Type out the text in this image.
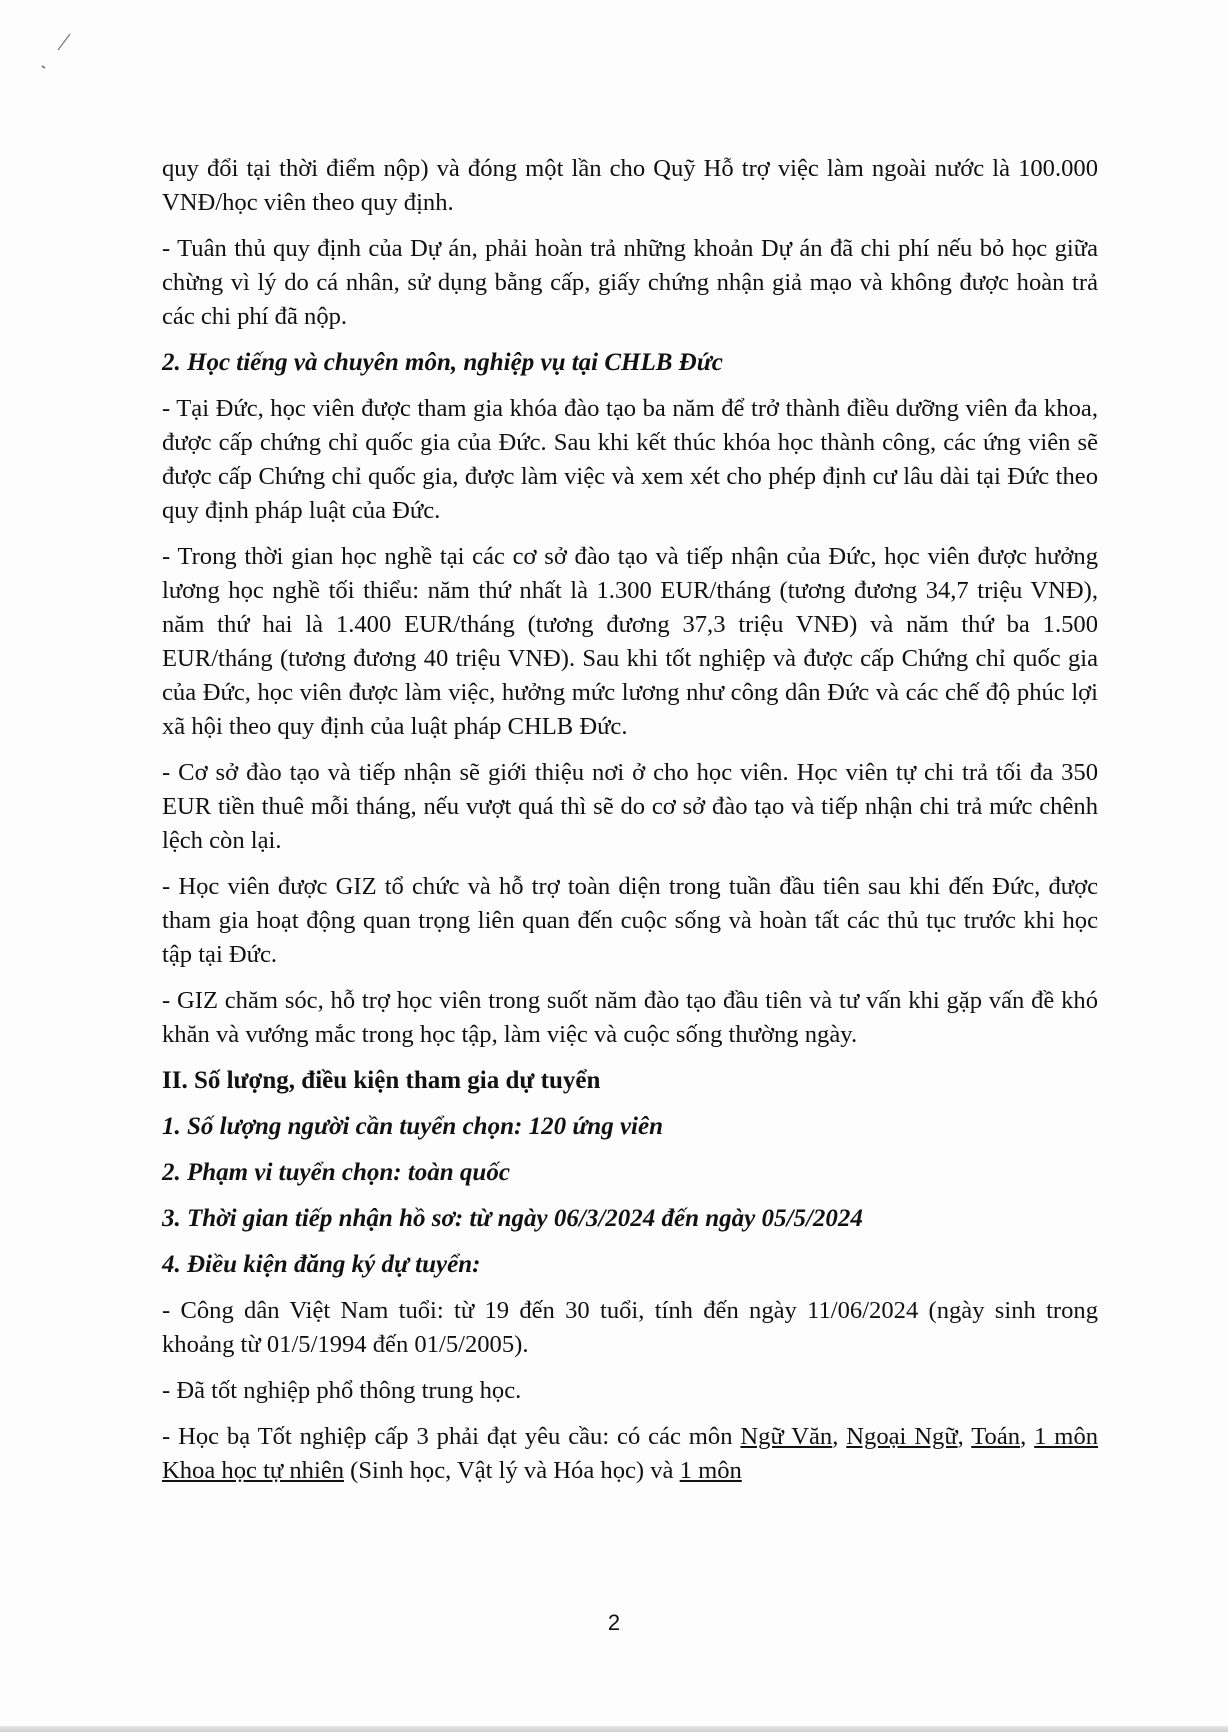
quy đổi tại thời điểm nộp) và đóng một lần cho Quỹ Hỗ trợ việc làm ngoài nước là 100.000 VNĐ/học viên theo quy định.

- Tuân thủ quy định của Dự án, phải hoàn trả những khoản Dự án đã chi phí nếu bỏ học giữa chừng vì lý do cá nhân, sử dụng bằng cấp, giấy chứng nhận giả mạo và không được hoàn trả các chi phí đã nộp.

2. Học tiếng và chuyên môn, nghiệp vụ tại CHLB Đức

- Tại Đức, học viên được tham gia khóa đào tạo ba năm để trở thành điều dưỡng viên đa khoa, được cấp chứng chỉ quốc gia của Đức. Sau khi kết thúc khóa học thành công, các ứng viên sẽ được cấp Chứng chỉ quốc gia, được làm việc và xem xét cho phép định cư lâu dài tại Đức theo quy định pháp luật của Đức.

- Trong thời gian học nghề tại các cơ sở đào tạo và tiếp nhận của Đức, học viên được hưởng lương học nghề tối thiểu: năm thứ nhất là 1.300 EUR/tháng (tương đương 34,7 triệu VNĐ), năm thứ hai là 1.400 EUR/tháng (tương đương 37,3 triệu VNĐ) và năm thứ ba 1.500 EUR/tháng (tương đương 40 triệu VNĐ). Sau khi tốt nghiệp và được cấp Chứng chỉ quốc gia của Đức, học viên được làm việc, hưởng mức lương như công dân Đức và các chế độ phúc lợi xã hội theo quy định của luật pháp CHLB Đức.

- Cơ sở đào tạo và tiếp nhận sẽ giới thiệu nơi ở cho học viên. Học viên tự chi trả tối đa 350 EUR tiền thuê mỗi tháng, nếu vượt quá thì sẽ do cơ sở đào tạo và tiếp nhận chi trả mức chênh lệch còn lại.

- Học viên được GIZ tổ chức và hỗ trợ toàn diện trong tuần đầu tiên sau khi đến Đức, được tham gia hoạt động quan trọng liên quan đến cuộc sống và hoàn tất các thủ tục trước khi học tập tại Đức.

- GIZ chăm sóc, hỗ trợ học viên trong suốt năm đào tạo đầu tiên và tư vấn khi gặp vấn đề khó khăn và vướng mắc trong học tập, làm việc và cuộc sống thường ngày.

II. Số lượng, điều kiện tham gia dự tuyển

1. Số lượng người cần tuyển chọn: 120 ứng viên

2. Phạm vi tuyển chọn: toàn quốc

3. Thời gian tiếp nhận hồ sơ: từ ngày 06/3/2024 đến ngày 05/5/2024

4. Điều kiện đăng ký dự tuyển:

- Công dân Việt Nam tuổi: từ 19 đến 30 tuổi, tính đến ngày 11/06/2024 (ngày sinh trong khoảng từ 01/5/1994 đến 01/5/2005).

- Đã tốt nghiệp phổ thông trung học.

- Học bạ Tốt nghiệp cấp 3 phải đạt yêu cầu: có các môn Ngữ Văn, Ngoại Ngữ, Toán, 1 môn Khoa học tự nhiên (Sinh học, Vật lý và Hóa học) và 1 môn

2
